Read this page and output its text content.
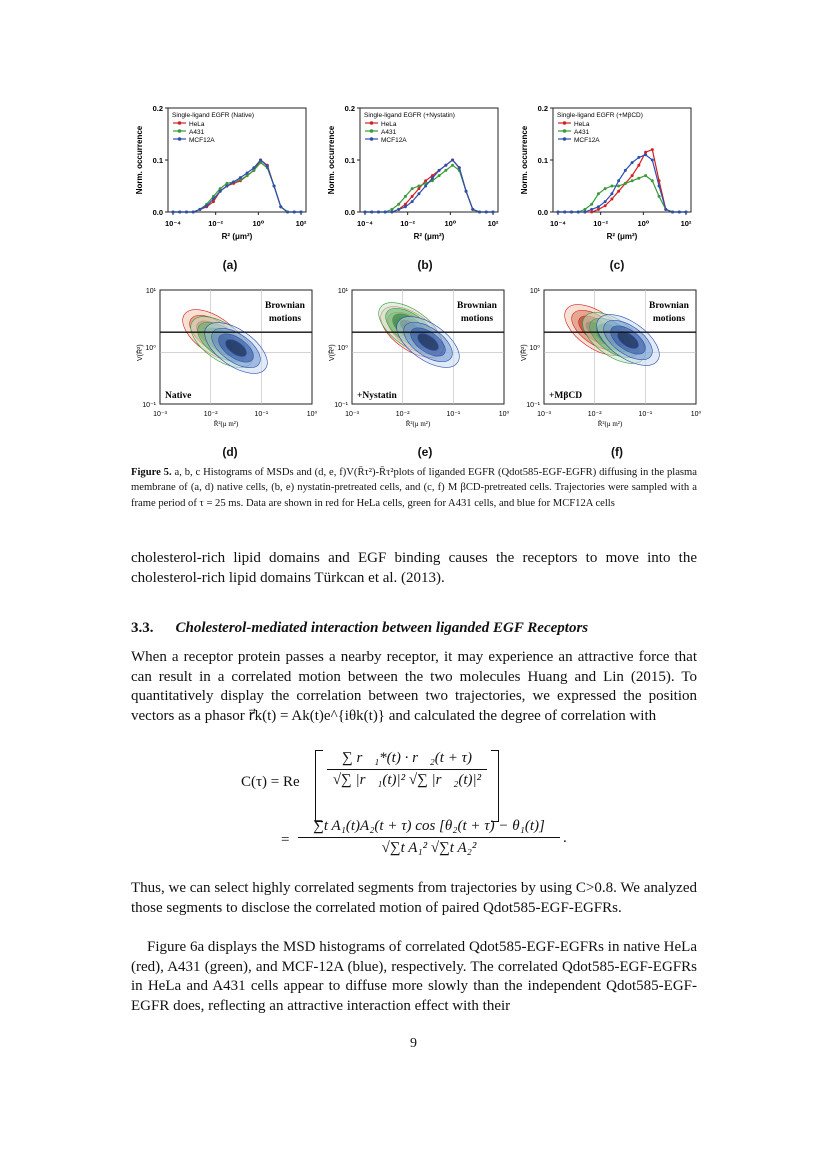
0.0
0.1
0.2
10⁻⁴	10⁻²	10⁰	10²
R² (μm²)
Norm. occurrence
Single-ligand EGFR (Native)
HeLa
A431
MCF12A
0.0
0.1
0.2
10⁻⁴	10⁻²	10⁰	10²
R² (μm²)
Norm. occurrence
Single-ligand EGFR (+Nystatin)
HeLa
A431
MCF12A
0.0
0.1
0.2
10⁻⁴	10⁻²	10⁰	10²
R² (μm²)
Norm. occurrence
Single-ligand EGFR (+MβCD)
HeLa
A431
MCF12A
Brownian
motions
Native
10⁻¹
10⁰
10¹
10⁻³	10⁻²	10⁻¹	10⁰
R̄²(μ m²)
V(R̄²)
Brownian
motions
+Nystatin
10⁻¹
10⁰
10¹
10⁻³	10⁻²	10⁻¹	10⁰
R̄²(μ m²)
V(R̄²)
Brownian
motions
+MβCD
10⁻¹
10⁰
10¹
10⁻³	10⁻²	10⁻¹	10⁰
R̄²(μ m²)
V(R̄²)
(a)	(b)	(c)
(d)	(e)	(f)
Figure 5. a, b, c Histograms of MSDs and (d, e, f)V(R̄τ²)-R̄τ²plots of liganded EGFR (Qdot585-EGF-EGFR) diffusing in the plasma membrane of (a, d) native cells, (b, e) nystatin-pretreated cells, and (c, f) M βCD-pretreated cells. Trajectories were sampled with a frame period of τ = 25 ms. Data are shown in red for HeLa cells, green for A431 cells, and blue for MCF12A cells
cholesterol-rich lipid domains and EGF binding causes the receptors to move into the cholesterol-rich lipid domains Türkcan et al. (2013).
3.3. Cholesterol-mediated interaction between liganded EGF Receptors
When a receptor protein passes a nearby receptor, it may experience an attractive force that can result in a correlated motion between the two molecules Huang and Lin (2015). To quantitatively display the correlation between two trajectories, we expressed the position vectors as a phasor r⃗k(t) = Ak(t)e^{iθk(t)} and calculated the degree of correlation with
C(τ) = Re
∑ r⃗₁*(t) · r⃗₂(t + τ)
√∑ |r⃗₁(t)|² √∑ |r⃗₂(t)|²
=
∑t A₁(t)A₂(t + τ) cos [θ₂(t + τ) − θ₁(t)]
√∑t A₁² √∑t A₂²
.
Thus, we can select highly correlated segments from trajectories by using C>0.8. We analyzed those segments to disclose the correlated motion of paired Qdot585-EGF-EGFRs.
Figure 6a displays the MSD histograms of correlated Qdot585-EGF-EGFRs in native HeLa (red), A431 (green), and MCF-12A (blue), respectively. The correlated Qdot585-EGF-EGFRs in HeLa and A431 cells appear to diffuse more slowly than the independent Qdot585-EGF-EGFR does, reflecting an attractive interaction effect with their
9
